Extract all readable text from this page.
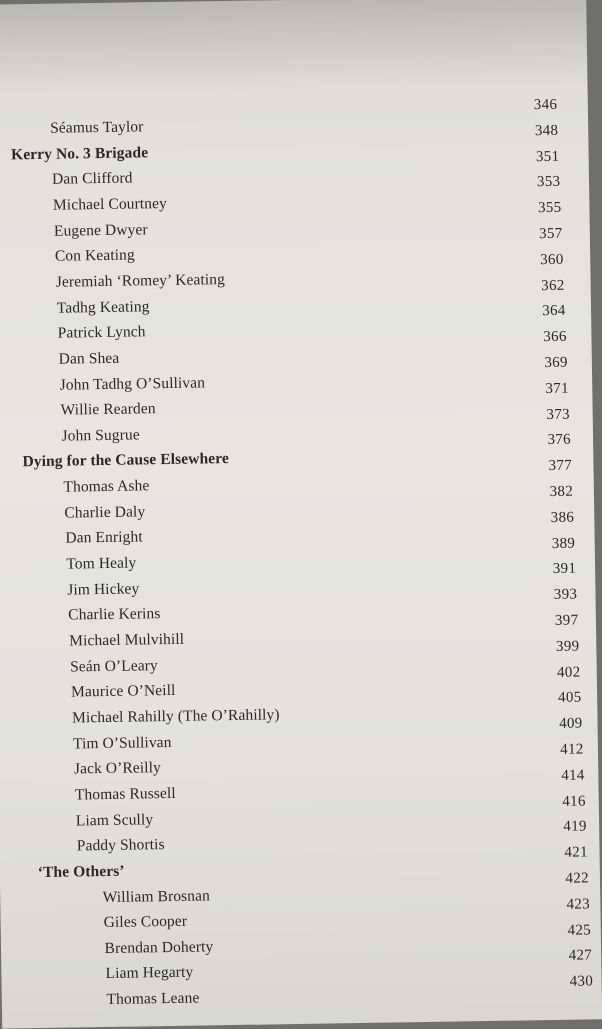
Séamus Taylor
Kerry No. 3 Brigade
Dan Clifford
Michael Courtney
Eugene Dwyer
Con Keating
Jeremiah ‘Romey’ Keating
Tadhg Keating
Patrick Lynch
Dan Shea
John Tadhg O’Sullivan
Willie Rearden
John Sugrue
Dying for the Cause Elsewhere
Thomas Ashe
Charlie Daly
Dan Enright
Tom Healy
Jim Hickey
Charlie Kerins
Michael Mulvihill
Seán O’Leary
Maurice O’Neill
Michael Rahilly (The O’Rahilly)
Tim O’Sullivan
Jack O’Reilly
Thomas Russell
Liam Scully
Paddy Shortis
‘The Others’
William Brosnan
Giles Cooper
Brendan Doherty
Liam Hegarty
Thomas Leane
346
348
351
353
355
357
360
362
364
366
369
371
373
376
377
382
386
389
391
393
397
399
402
405
409
412
414
416
419
421
422
423
425
427
430
